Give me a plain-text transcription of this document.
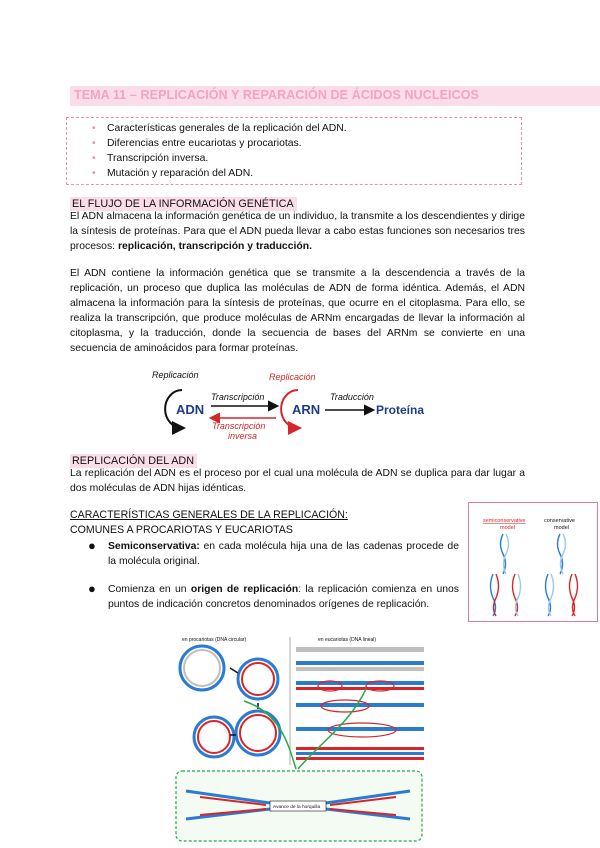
TEMA 11 – REPLICACIÓN Y REPARACIÓN DE ÁCIDOS NUCLEICOS
• Características generales de la replicación del ADN.
• Diferencias entre eucariotas y procariotas.
• Transcripción inversa.
• Mutación y reparación del ADN.
EL FLUJO DE LA INFORMACIÓN GENÉTICA
El ADN almacena la información genética de un individuo, la transmite a los descendientes y dirige la síntesis de proteínas. Para que el ADN pueda llevar a cabo estas funciones son necesarios tres procesos: replicación, transcripción y traducción.
El ADN contiene la información genética que se transmite a la descendencia a través de la replicación, un proceso que duplica las moléculas de ADN de forma idéntica. Además, el ADN almacena la información para la síntesis de proteínas, que ocurre en el citoplasma. Para ello, se realiza la transcripción, que produce moléculas de ARNm encargadas de llevar la información al citoplasma, y la traducción, donde la secuencia de bases del ARNm se convierte en una secuencia de aminoácidos para formar proteínas.
Replicación
ADN
Transcripción
Transcripción
inversa
Replicación
ARN
Traducción
Proteína
REPLICACIÓN DEL ADN
La replicación del ADN es el proceso por el cual una molécula de ADN se duplica para dar lugar a dos moléculas de ADN hijas idénticas.
CARACTERÍSTICAS GENERALES DE LA REPLICACIÓN:
COMUNES A PROCARIOTAS Y EUCARIOTAS
● Semiconservativa: en cada molécula hija una de las cadenas procede de la molécula original.
● Comienza en un origen de replicación: la replicación comienza en unos puntos de indicación concretos denominados orígenes de replicación.
semiconservative
model
conservative
model
en procariotas (DNA circular)	en eucariotas (DNA lineal)
Avance de la horquilla
